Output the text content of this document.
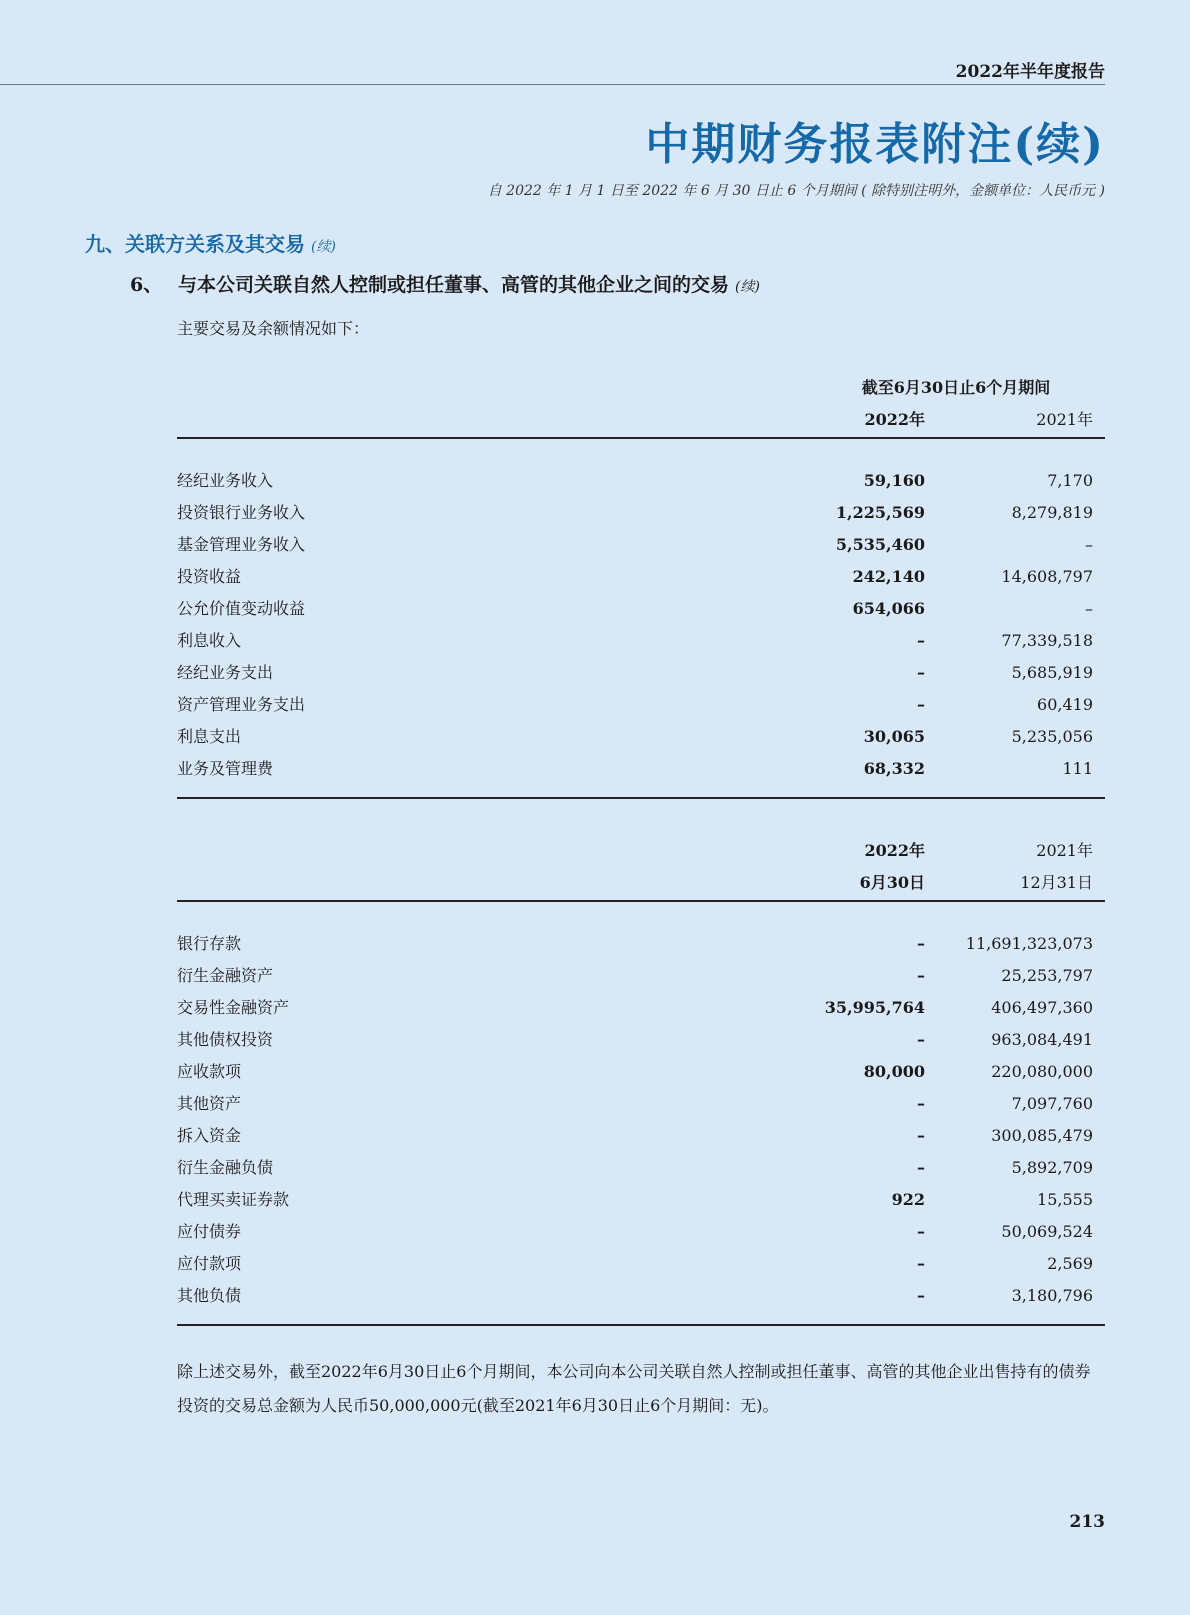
2022年半年度报告
中期财务报表附注(续)
自 2022 年 1 月 1 日至 2022 年 6 月 30 日止 6 个月期间 ( 除特别注明外，金额单位：人民币元 )
九、关联方关系及其交易 (续)
6、 与本公司关联自然人控制或担任董事、高管的其他企业之间的交易 (续)
主要交易及余额情况如下：
截至6月30日止6个月期间
2022年	2021年
经纪业务收入	59,160	7,170
投资银行业务收入	1,225,569	8,279,819
基金管理业务收入	5,535,460	–
投资收益	242,140	14,608,797
公允价值变动收益	654,066	–
利息收入	–	77,339,518
经纪业务支出	–	5,685,919
资产管理业务支出	–	60,419
利息支出	30,065	5,235,056
业务及管理费	68,332	111
2022年	2021年
6月30日	12月31日
银行存款	–	11,691,323,073
衍生金融资产	–	25,253,797
交易性金融资产	35,995,764	406,497,360
其他债权投资	–	963,084,491
应收款项	80,000	220,080,000
其他资产	–	7,097,760
拆入资金	–	300,085,479
衍生金融负债	–	5,892,709
代理买卖证券款	922	15,555
应付债券	–	50,069,524
应付款项	–	2,569
其他负债	–	3,180,796
除上述交易外，截至2022年6月30日止6个月期间，本公司向本公司关联自然人控制或担任董事、高管的其他企业出售持有的债券投资的交易总金额为人民币50,000,000元(截至2021年6月30日止6个月期间：无)。
213
